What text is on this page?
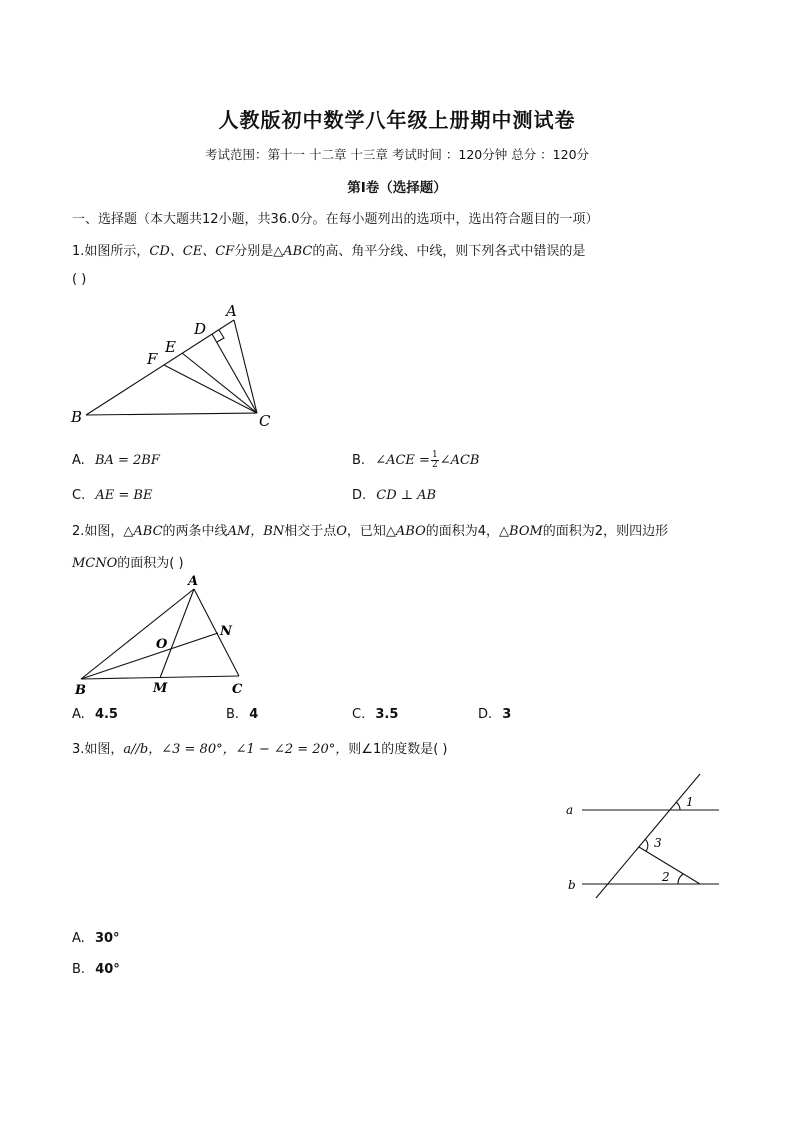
人教版初中数学八年级上册期中测试卷
考试范围：第十一 十二章 十三章 考试时间 ：120分钟 总分 ：120分
第I卷（选择题）
一、选择题（本大题共12小题，共36.0分。在每小题列出的选项中，选出符合题目的一项）
1.如图所示，CD、CE、CF分别是△ABC的高、角平分线、中线，则下列各式中错误的是
( )
A
D
E
F
B	C
A. BA = 2BF	B. ∠ACE = $\frac{1}{2}$ ∠ACB
C. AE = BE	D. CD ⊥ AB
2.如图，△ABC的两条中线AM，BN相交于点O，已知△ABO的面积为4，△BOM的面积为2，则四边形
MCNO的面积为( )
A
N
O
B	M	C
A. 4.5	B. 4	C. 3.5	D. 3
3.如图，a//b，∠3 = 80°，∠1 − ∠2 = 20°，则∠1的度数是( )
a
1
3
b
2
A. 30°
B. 40°
